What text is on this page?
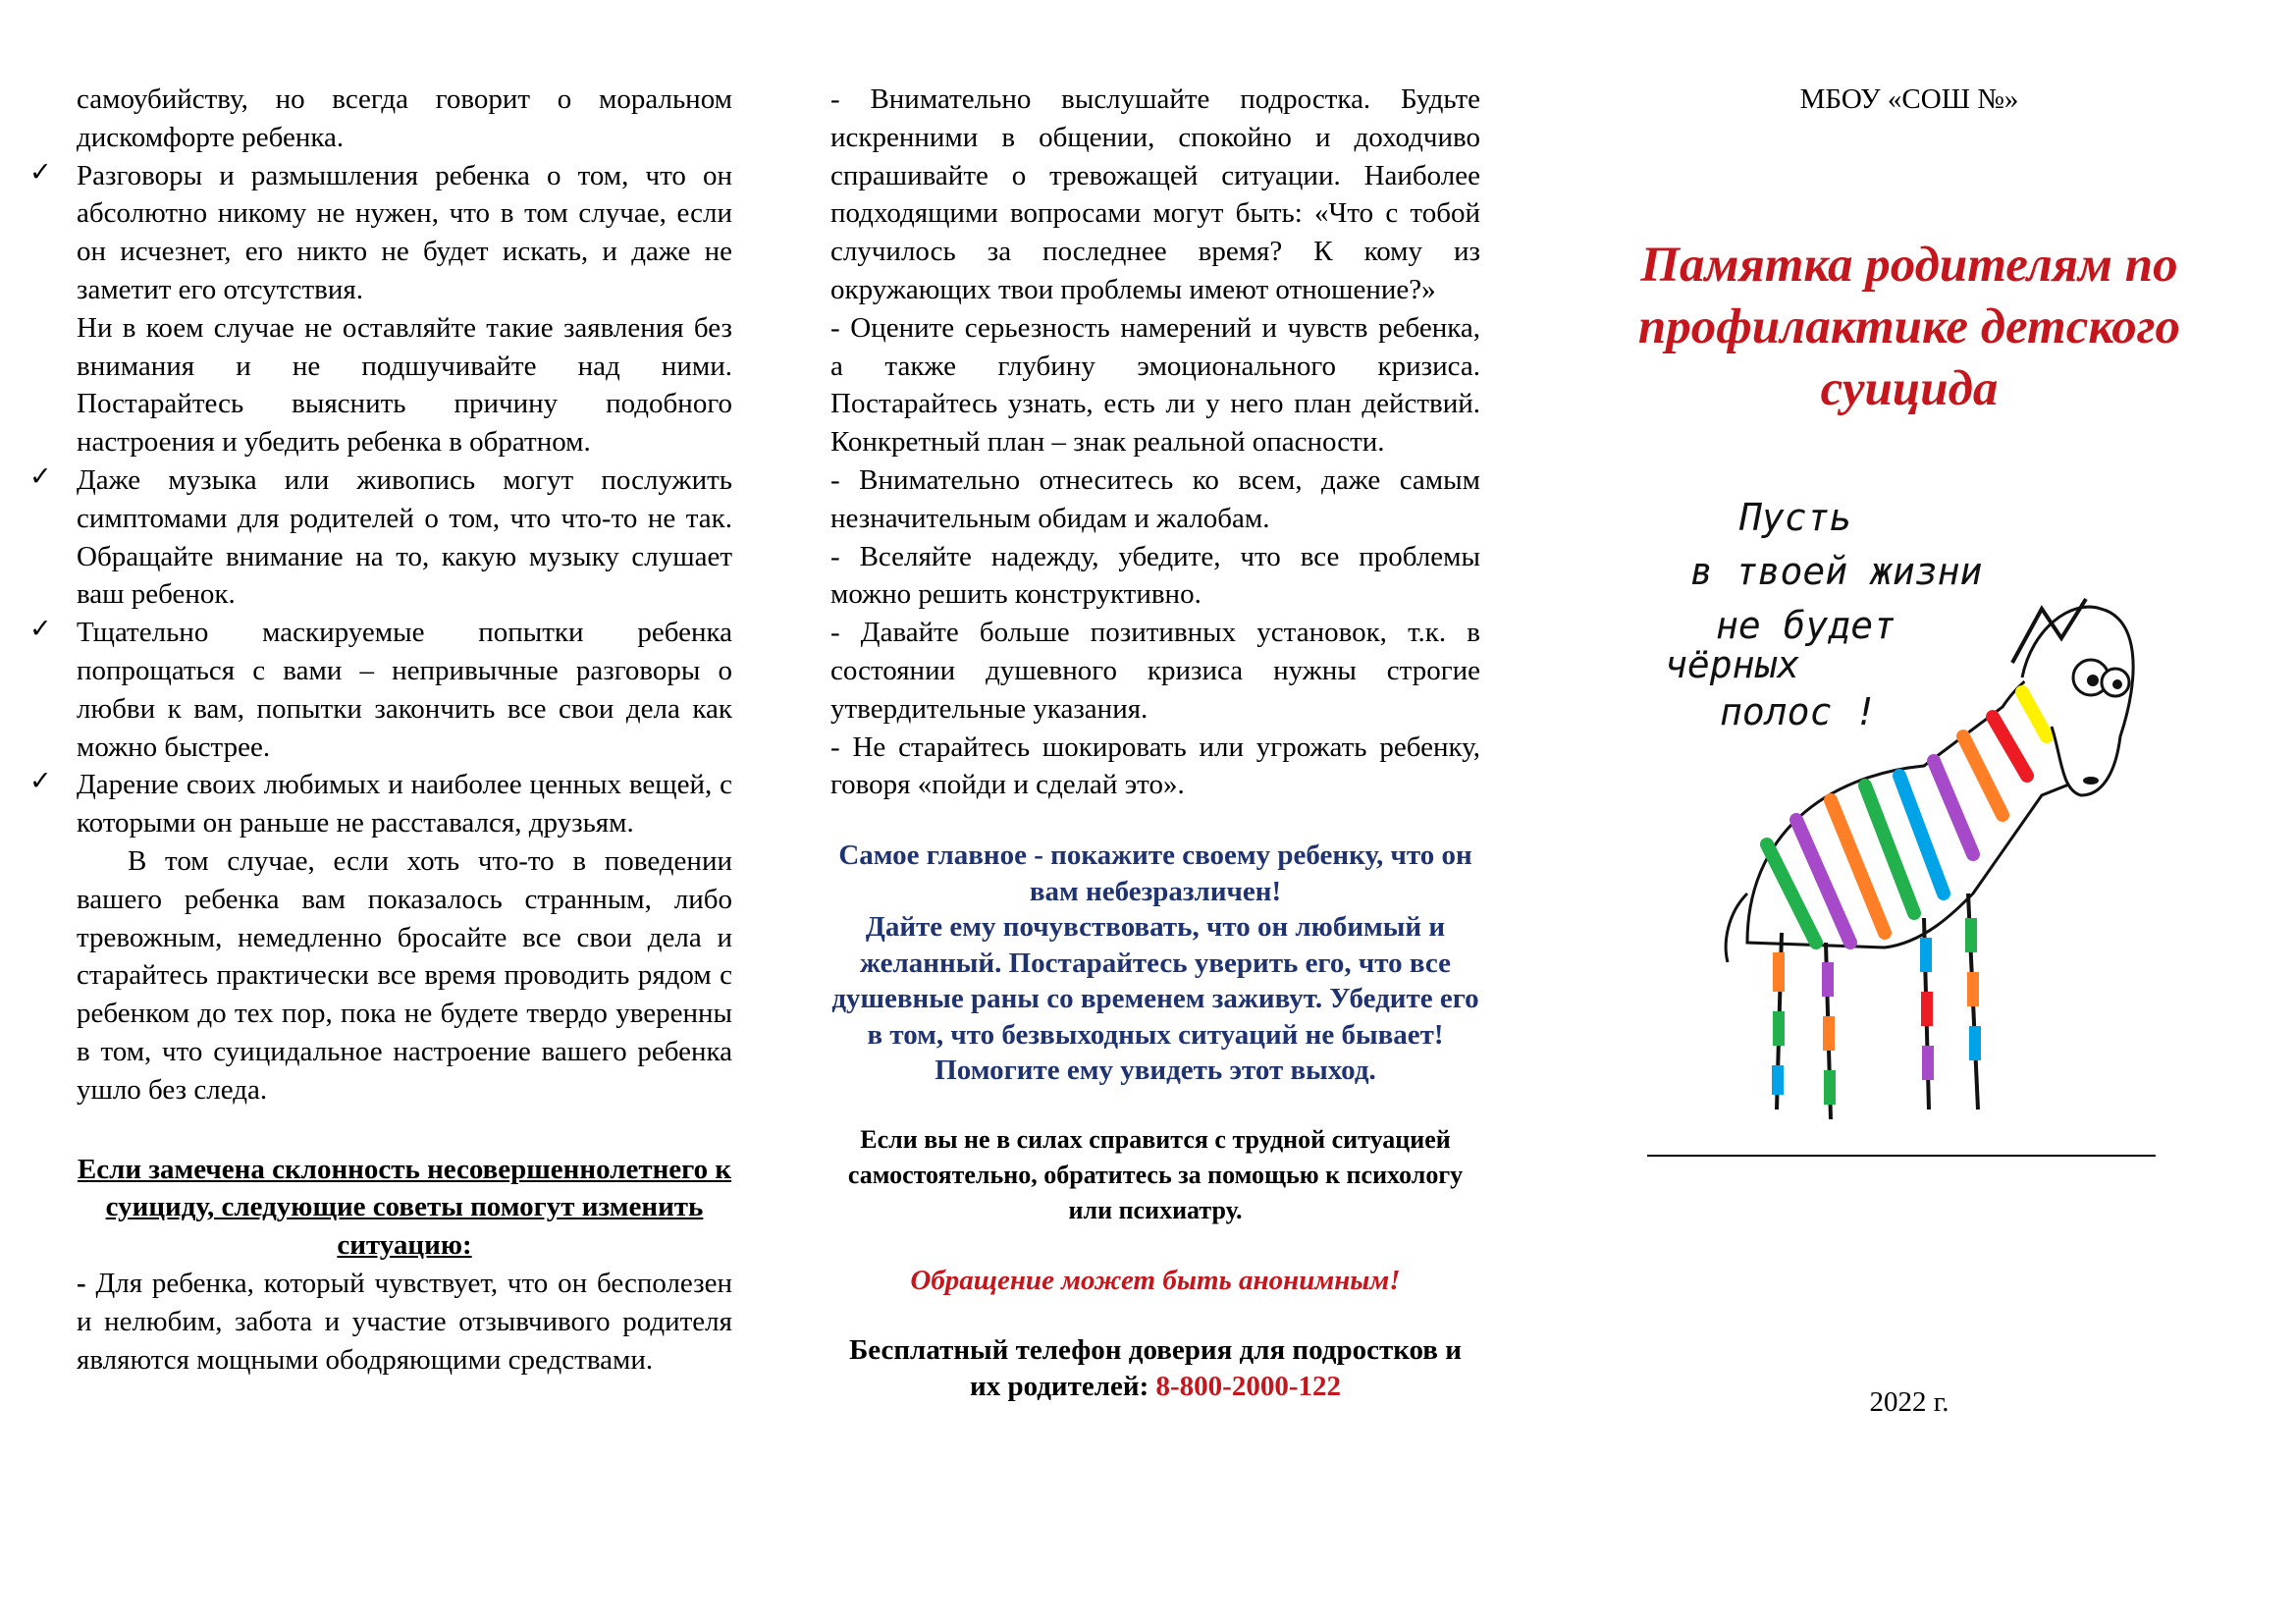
самоубийству, но всегда говорит о моральном дискомфорте ребенка.

✓ Разговоры и размышления ребенка о том, что он абсолютно никому не нужен, что в том случае, если он исчезнет, его никто не будет искать, и даже не заметит его отсутствия.

Ни в коем случае не оставляйте такие заявления без внимания и не подшучивайте над ними. Постарайтесь выяснить причину подобного настроения и убедить ребенка в обратном.

✓ Даже музыка или живопись могут послужить симптомами для родителей о том, что что-то не так. Обращайте внимание на то, какую музыку слушает ваш ребенок.

✓ Тщательно маскируемые попытки ребенка попрощаться с вами – непривычные разговоры о любви к вам, попытки закончить все свои дела как можно быстрее.

✓ Дарение своих любимых и наиболее ценных вещей, с которыми он раньше не расставался, друзьям.

В том случае, если хоть что-то в поведении вашего ребенка вам показалось странным, либо тревожным, немедленно бросайте все свои дела и старайтесь практически все время проводить рядом с ребенком до тех пор, пока не будете твердо уверенны в том, что суицидальное настроение вашего ребенка ушло без следа.

Если замечена склонность несовершеннолетнего к суициду, следующие советы помогут изменить ситуацию:

- Для ребенка, который чувствует, что он бесполезен и нелюбим, забота и участие отзывчивого родителя являются мощными ободряющими средствами.

- Внимательно выслушайте подростка. Будьте искренними в общении, спокойно и доходчиво спрашивайте о тревожащей ситуации. Наиболее подходящими вопросами могут быть: «Что с тобой случилось за последнее время? К кому из окружающих твои проблемы имеют отношение?»

- Оцените серьезность намерений и чувств ребенка, а также глубину эмоционального кризиса. Постарайтесь узнать, есть ли у него план действий. Конкретный план – знак реальной опасности.

- Внимательно отнеситесь ко всем, даже самым незначительным обидам и жалобам.

- Вселяйте надежду, убедите, что все проблемы можно решить конструктивно.

- Давайте больше позитивных установок, т.к. в состоянии душевного кризиса нужны строгие утвердительные указания.

- Не старайтесь шокировать или угрожать ребенку, говоря «пойди и сделай это».

Самое главное - покажите своему ребенку, что он вам небезразличен!
Дайте ему почувствовать, что он любимый и желанный. Постарайтесь уверить его, что все душевные раны со временем заживут. Убедите его в том, что безвыходных ситуаций не бывает!
Помогите ему увидеть этот выход.

Если вы не в силах справится с трудной ситуацией самостоятельно, обратитесь за помощью к психологу или психиатру.

Обращение может быть анонимным!

Бесплатный телефон доверия для подростков и их родителей: 8-800-2000-122

МБОУ «СОШ №»

Памятка родителям по профилактике детского суицида

Пусть
в твоей жизни
не будет
чёрных
полос !
2022 г.
